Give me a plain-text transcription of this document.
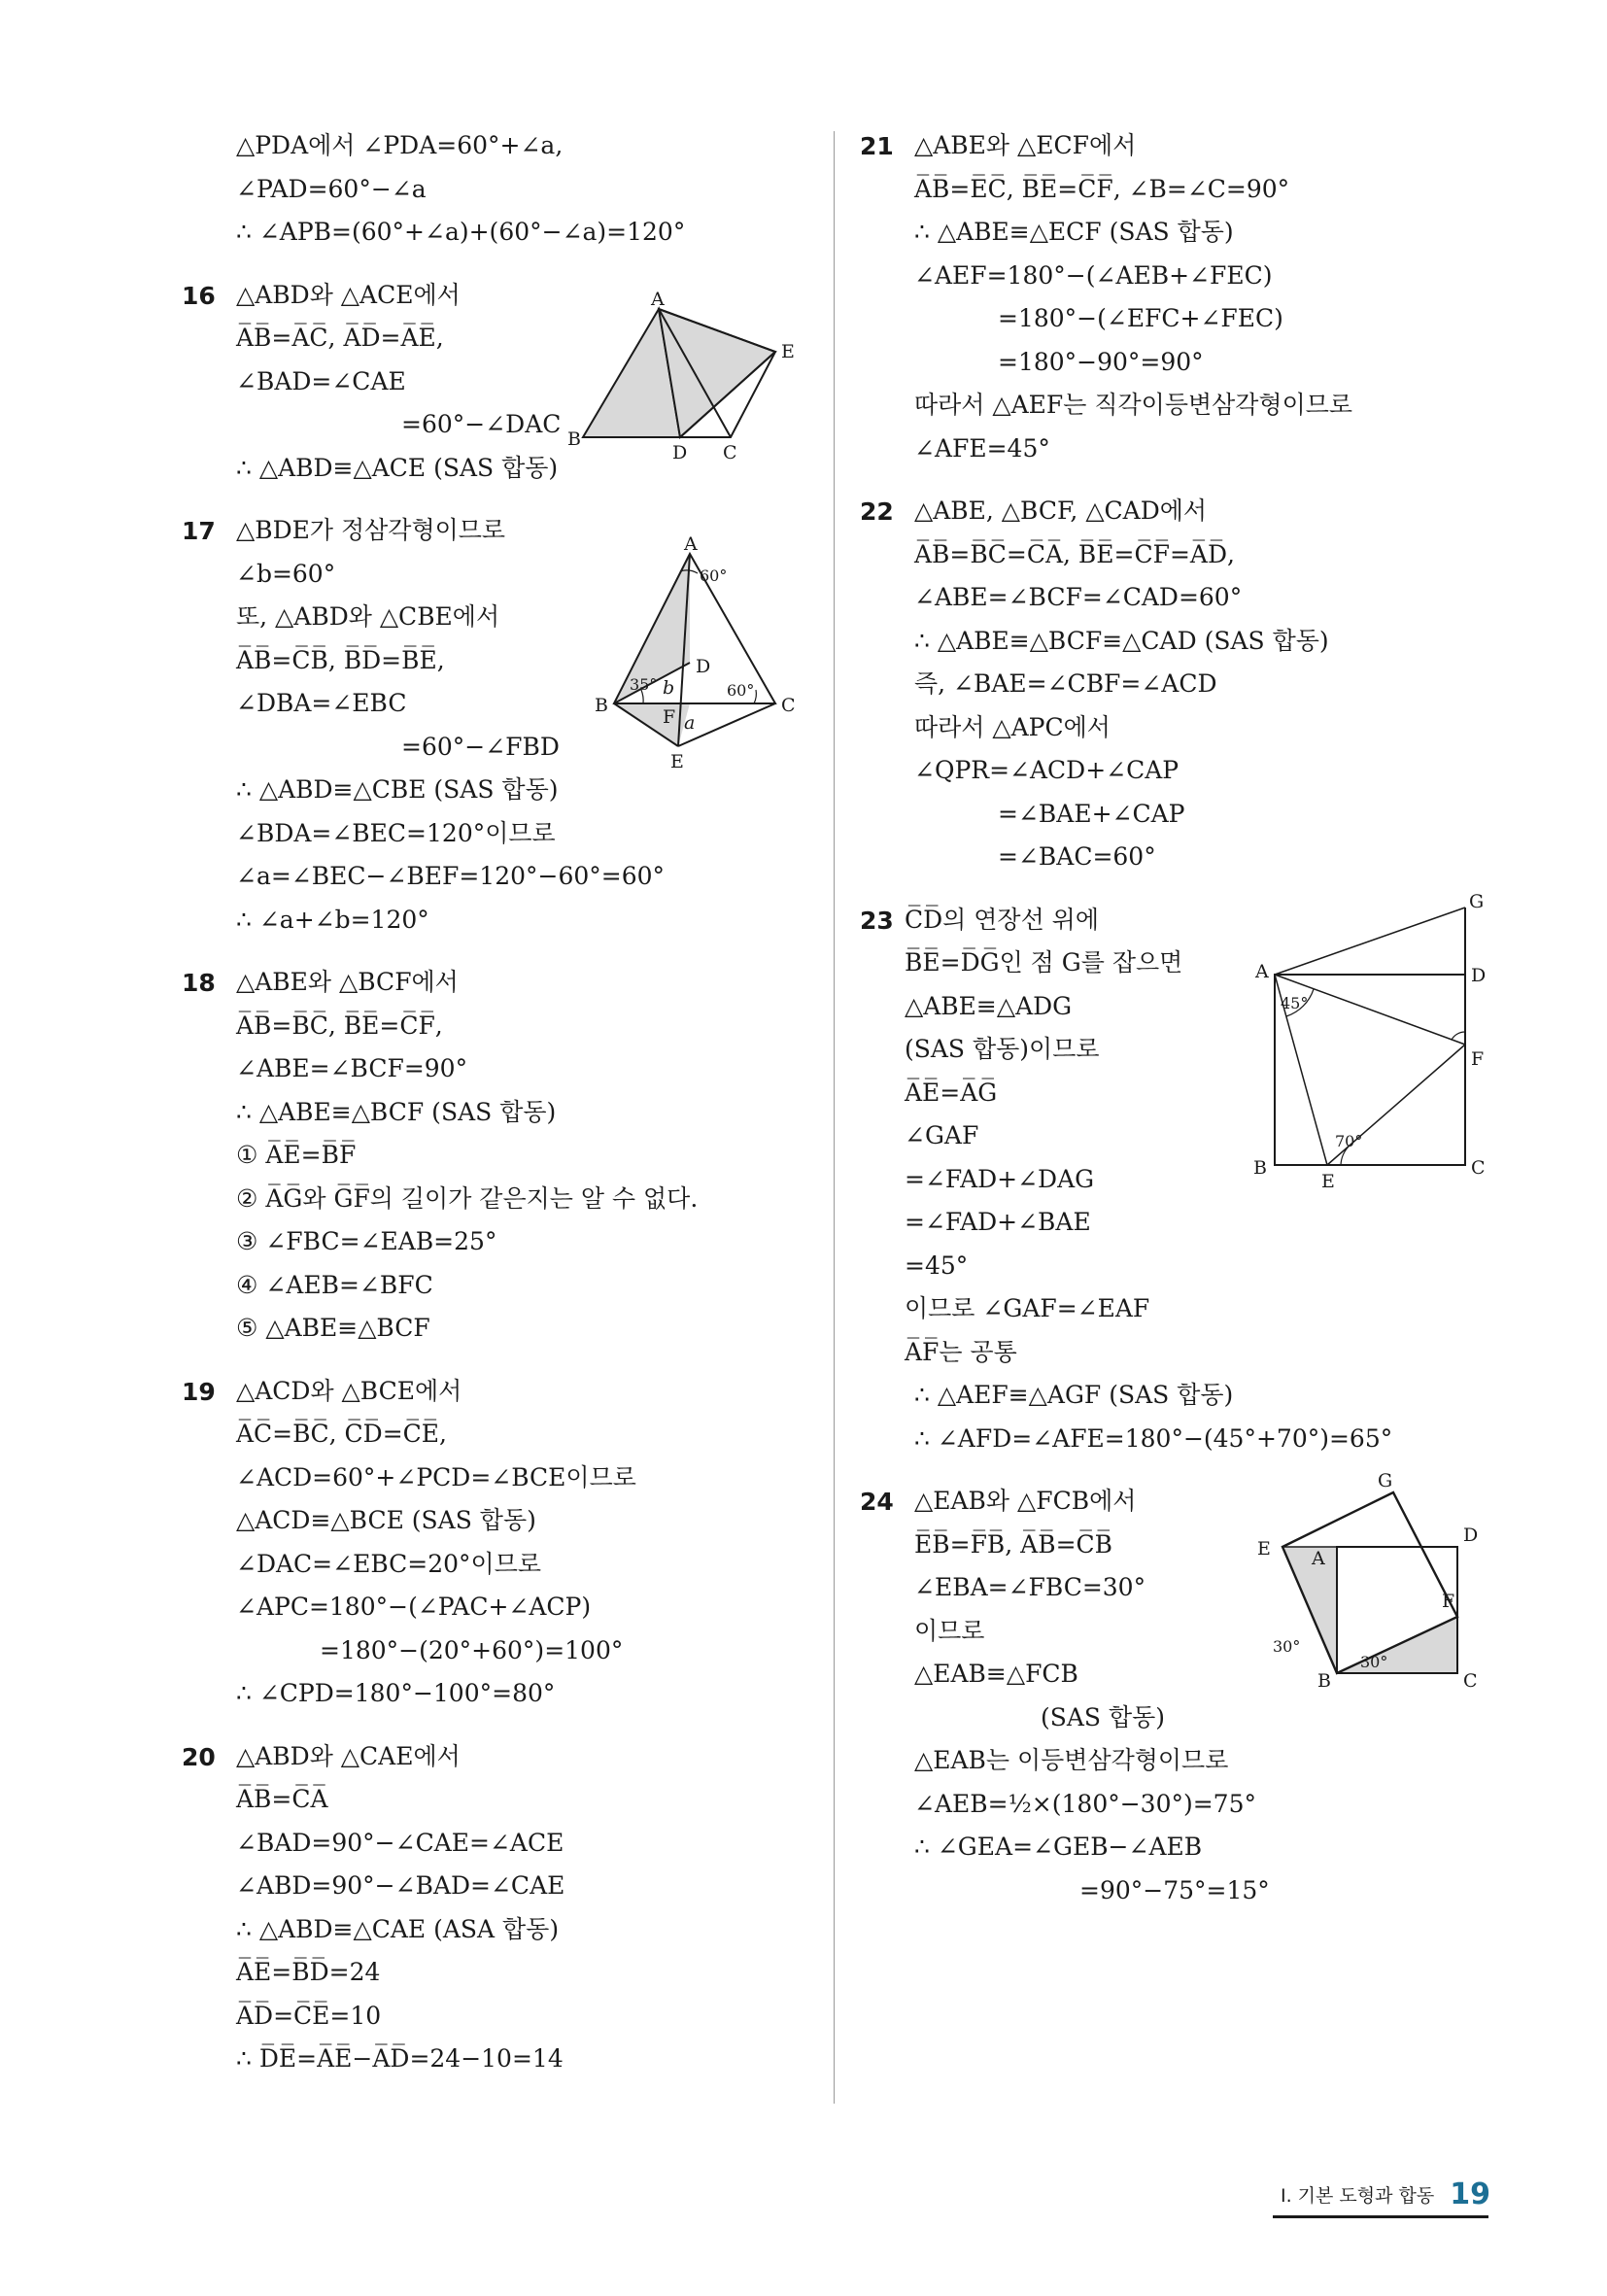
△PDA에서 ∠PDA=60°+∠a,
∠PAD=60°−∠a
∴ ∠APB=(60°+∠a)+(60°−∠a)=120°
16 △ABD와 △ACE에서
A̅B̅=A̅C̅, A̅D̅=A̅E̅,
∠BAD=∠CAE
=60°−∠DAC
∴ △ABD≡△ACE (SAS 합동)
17 △BDE가 정삼각형이므로
∠b=60°
또, △ABD와 △CBE에서
A̅B̅=C̅B̅, B̅D̅=B̅E̅,
∠DBA=∠EBC
=60°−∠FBD
∴ △ABD≡△CBE (SAS 합동)
∠BDA=∠BEC=120°이므로
∠a=∠BEC−∠BEF=120°−60°=60°
∴ ∠a+∠b=120°
18 △ABE와 △BCF에서
A̅B̅=B̅C̅, B̅E̅=C̅F̅,
∠ABE=∠BCF=90°
∴ △ABE≡△BCF (SAS 합동)
① A̅E̅=B̅F̅
② A̅G̅와 G̅F̅의 길이가 같은지는 알 수 없다.
③ ∠FBC=∠EAB=25°
④ ∠AEB=∠BFC
⑤ △ABE≡△BCF
19 △ACD와 △BCE에서
A̅C̅=B̅C̅, C̅D̅=C̅E̅,
∠ACD=60°+∠PCD=∠BCE이므로
△ACD≡△BCE (SAS 합동)
∠DAC=∠EBC=20°이므로
∠APC=180°−(∠PAC+∠ACP)
=180°−(20°+60°)=100°
∴ ∠CPD=180°−100°=80°
20 △ABD와 △CAE에서
A̅B̅=C̅A̅
∠BAD=90°−∠CAE=∠ACE
∠ABD=90°−∠BAD=∠CAE
∴ △ABD≡△CAE (ASA 합동)
A̅E̅=B̅D̅=24
A̅D̅=C̅E̅=10
∴ D̅E̅=A̅E̅−A̅D̅=24−10=14
21 △ABE와 △ECF에서
A̅B̅=E̅C̅, B̅E̅=C̅F̅, ∠B=∠C=90°
∴ △ABE≡△ECF (SAS 합동)
∠AEF=180°−(∠AEB+∠FEC)
=180°−(∠EFC+∠FEC)
=180°−90°=90°
따라서 △AEF는 직각이등변삼각형이므로
∠AFE=45°
22 △ABE, △BCF, △CAD에서
A̅B̅=B̅C̅=C̅A̅, B̅E̅=C̅F̅=A̅D̅,
∠ABE=∠BCF=∠CAD=60°
∴ △ABE≡△BCF≡△CAD (SAS 합동)
즉, ∠BAE=∠CBF=∠ACD
따라서 △APC에서
∠QPR=∠ACD+∠CAP
=∠BAE+∠CAP
=∠BAC=60°
23 C̅D̅의 연장선 위에
B̅E̅=D̅G̅인 점 G를 잡으면
△ABE≡△ADG
(SAS 합동)이므로
A̅E̅=A̅G̅
∠GAF
=∠FAD+∠DAG
=∠FAD+∠BAE
=45°
이므로 ∠GAF=∠EAF
A̅F̅는 공통
∴ △AEF≡△AGF (SAS 합동)
∴ ∠AFD=∠AFE=180°−(45°+70°)=65°
24 △EAB와 △FCB에서
E̅B̅=F̅B̅, A̅B̅=C̅B̅
∠EBA=∠FBC=30°
이므로
△EAB≡△FCB
(SAS 합동)
△EAB는 이등변삼각형이므로
∠AEB=½×(180°−30°)=75°
∴ ∠GEA=∠GEB−∠AEB
=90°−75°=15°
A
E
B
D C
A
60°
D
35° b	60°
B	C
F a
E
G
A	D
45°
F
70°
B
E
C
G
D
E A
F
30°
B
30°
C
Ⅰ. 기본 도형과 합동 19
